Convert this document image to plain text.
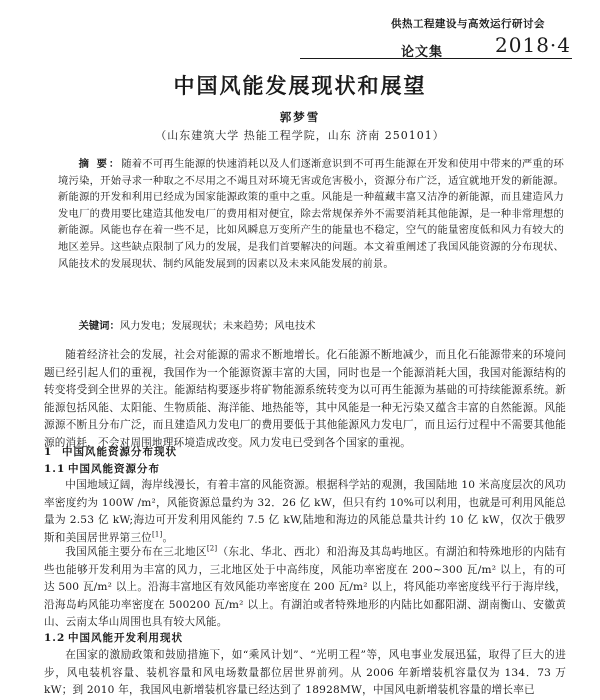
供热工程建设与高效运行研讨会
论文集	2018·4
中国风能发展现状和展望
郭梦雪
（山东建筑大学 热能工程学院，山东 济南 250101）
摘 要：随着不可再生能源的快速消耗以及人们逐渐意识到不可再生能源在开发和使用中带来的严重的环境污染，开始寻求一种取之不尽用之不竭且对环境无害或危害极小，资源分布广泛，适宜就地开发的新能源。新能源的开发和利用已经成为国家能源政策的重中之重。风能是一种蕴藏丰富又洁净的新能源，而且建造风力发电厂的费用要比建造其他发电厂的费用相对便宜，除去常规保养外不需要消耗其他能源，是一种非常理想的新能源。风能也存在着一些不足，比如风瞬息万变所产生的能量也不稳定，空气的能量密度低和风力有较大的地区差异。这些缺点限制了风力的发展，是我们首要解决的问题。本文着重阐述了我国风能资源的分布现状、风能技术的发展现状、制约风能发展到的因素以及未来风能发展的前景。
关键词：风力发电；发展现状；未来趋势；风电技术
随着经济社会的发展，社会对能源的需求不断地增长。化石能源不断地减少，而且化石能源带来的环境问题已经引起人们的重视，我国作为一个能源资源丰富的大国，同时也是一个能源消耗大国，我国对能源结构的转变将受到全世界的关注。能源结构要逐步将矿物能源系统转变为以可再生能源为基础的可持续能源系统。新能源包括风能、太阳能、生物质能、海洋能、地热能等，其中风能是一种无污染又蕴含丰富的自然能源。风能源源不断且分布广泛，而且建造风力发电厂的费用要低于其他能源风力发电厂，而且运行过程中不需要其他能源的消耗，不会对周围地理环境造成改变。风力发电已受到各个国家的重视。
1 中国风能资源分布现状
1.1 中国风能资源分布
中国地域辽阔，海岸线漫长，有着丰富的风能资源。根据科学站的观测，我国陆地 10 米高度层次的风功率密度约为 100W /m²，风能资源总量约为 32．26 亿 kW，但只有约 10%可以利用，也就是可利用风能总量为 2.53 亿 kW;海边可开发利用风能约 7.5 亿 kW,陆地和海边的风能总量共计约 10 亿 kW，仅次于俄罗斯和美国居世界第三位[1]。
我国风能主要分布在三北地区[2]（东北、华北、西北）和沿海及其岛屿地区。有湖泊和特殊地形的内陆有些也能够开发利用为丰富的风力，三北地区处于中高纬度，风能功率密度在 200~300 瓦/m² 以上，有的可达 500 瓦/m² 以上。沿海丰富地区有效风能功率密度在 200 瓦/m² 以上，将风能功率密度线平行于海岸线，沿海岛屿风能功率密度在 500200 瓦/m² 以上。有湖泊或者特殊地形的内陆比如鄱阳湖、湖南衡山、安徽黄山、云南太华山周围也具有较大风能。
1.2 中国风能开发利用现状
在国家的激励政策和鼓励措施下，如“乘风计划”、“光明工程”等，风电事业发展迅猛，取得了巨大的进步，风电装机容量、装机容量和风电场数量都位居世界前列。从 2006 年新增装机容量仅为 134．73 万 kW；到 2010 年，我国风电新增装机容量已经达到了 18928MW，中国风电新增装机容量的增长率已
